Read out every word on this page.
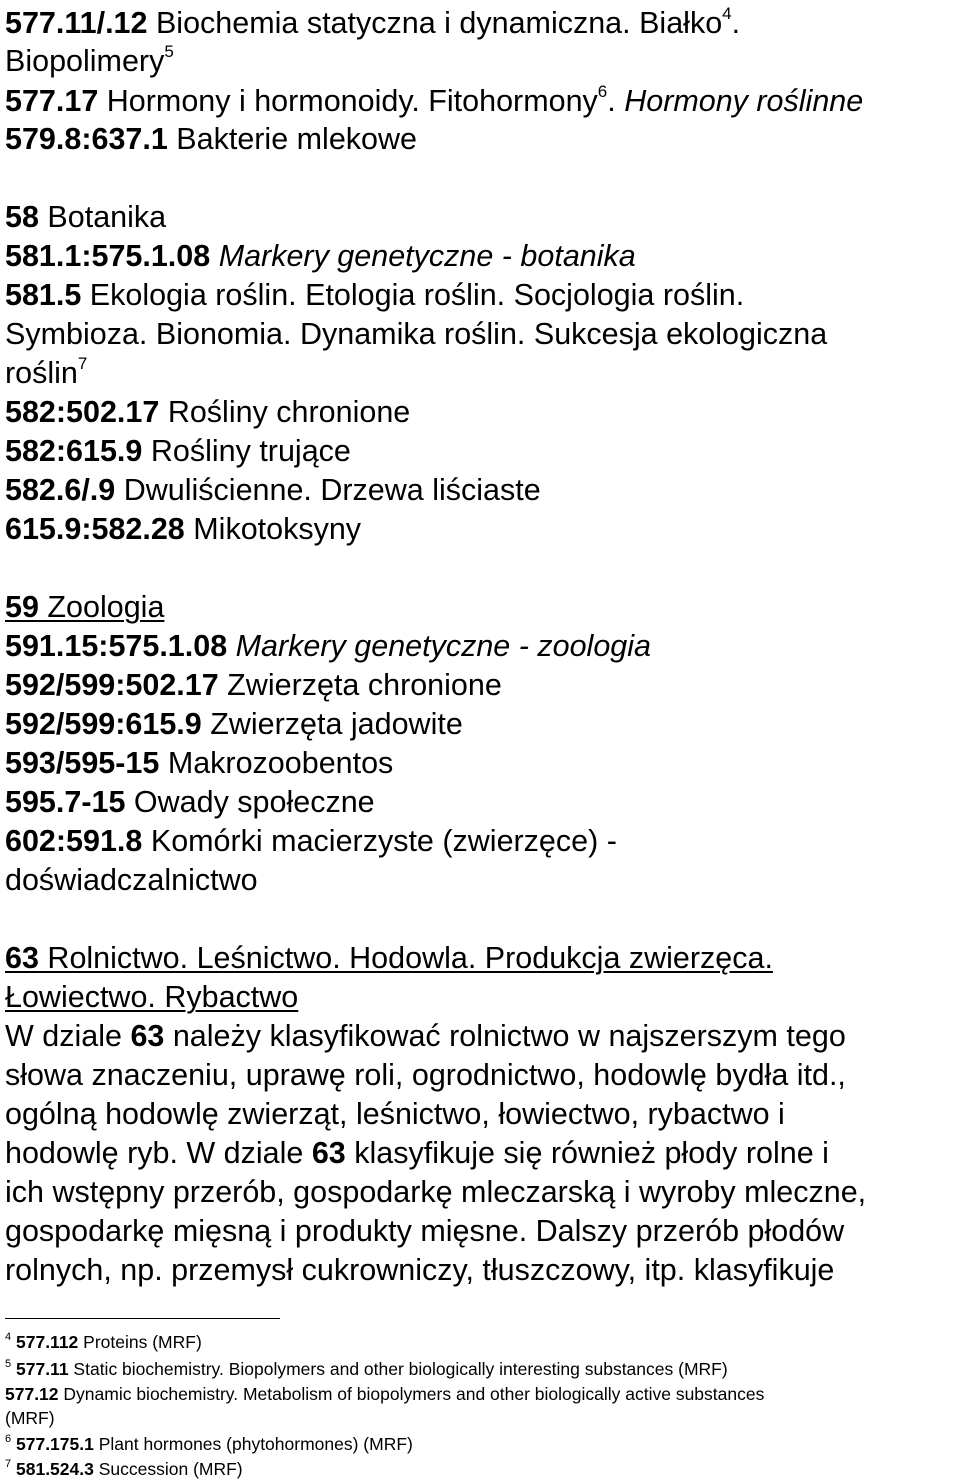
577.11/.12 Biochemia statyczna i dynamiczna. Białko$^4$.
Biopolimery$^5$
577.17 Hormony i hormonoidy. Fitohormony$^6$. Hormony roślinne
579.8:637.1 Bakterie mlekowe
58 Botanika
581.1:575.1.08 Markery genetyczne - botanika
581.5 Ekologia roślin. Etologia roślin. Socjologia roślin.
Symbioza. Bionomia. Dynamika roślin. Sukcesja ekologiczna
roślin$^7$
582:502.17 Rośliny chronione
582:615.9 Rośliny trujące
582.6/.9 Dwuliścienne. Drzewa liściaste
615.9:582.28 Mikotoksyny
59 Zoologia
591.15:575.1.08 Markery genetyczne - zoologia
592/599:502.17 Zwierzęta chronione
592/599:615.9 Zwierzęta jadowite
593/595-15 Makrozoobentos
595.7-15 Owady społeczne
602:591.8 Komórki macierzyste (zwierzęce) -
doświadczalnictwo
63 Rolnictwo. Leśnictwo. Hodowla. Produkcja zwierzęca.
Łowiectwo. Rybactwo
W dziale 63 należy klasyfikować rolnictwo w najszerszym tego
słowa znaczeniu, uprawę roli, ogrodnictwo, hodowlę bydła itd.,
ogólną hodowlę zwierząt, leśnictwo, łowiectwo, rybactwo i
hodowlę ryb. W dziale 63 klasyfikuje się również płody rolne i
ich wstępny przerób, gospodarkę mleczarską i wyroby mleczne,
gospodarkę mięsną i produkty mięsne. Dalszy przerób płodów
rolnych, np. przemysł cukrowniczy, tłuszczowy, itp. klasyfikuje
$^4$ 577.112 Proteins (MRF)
$^5$ 577.11 Static biochemistry. Biopolymers and other biologically interesting substances (MRF)
577.12 Dynamic biochemistry. Metabolism of biopolymers and other biologically active substances
(MRF)
$^6$ 577.175.1 Plant hormones (phytohormones) (MRF)
$^7$ 581.524.3 Succession (MRF)
